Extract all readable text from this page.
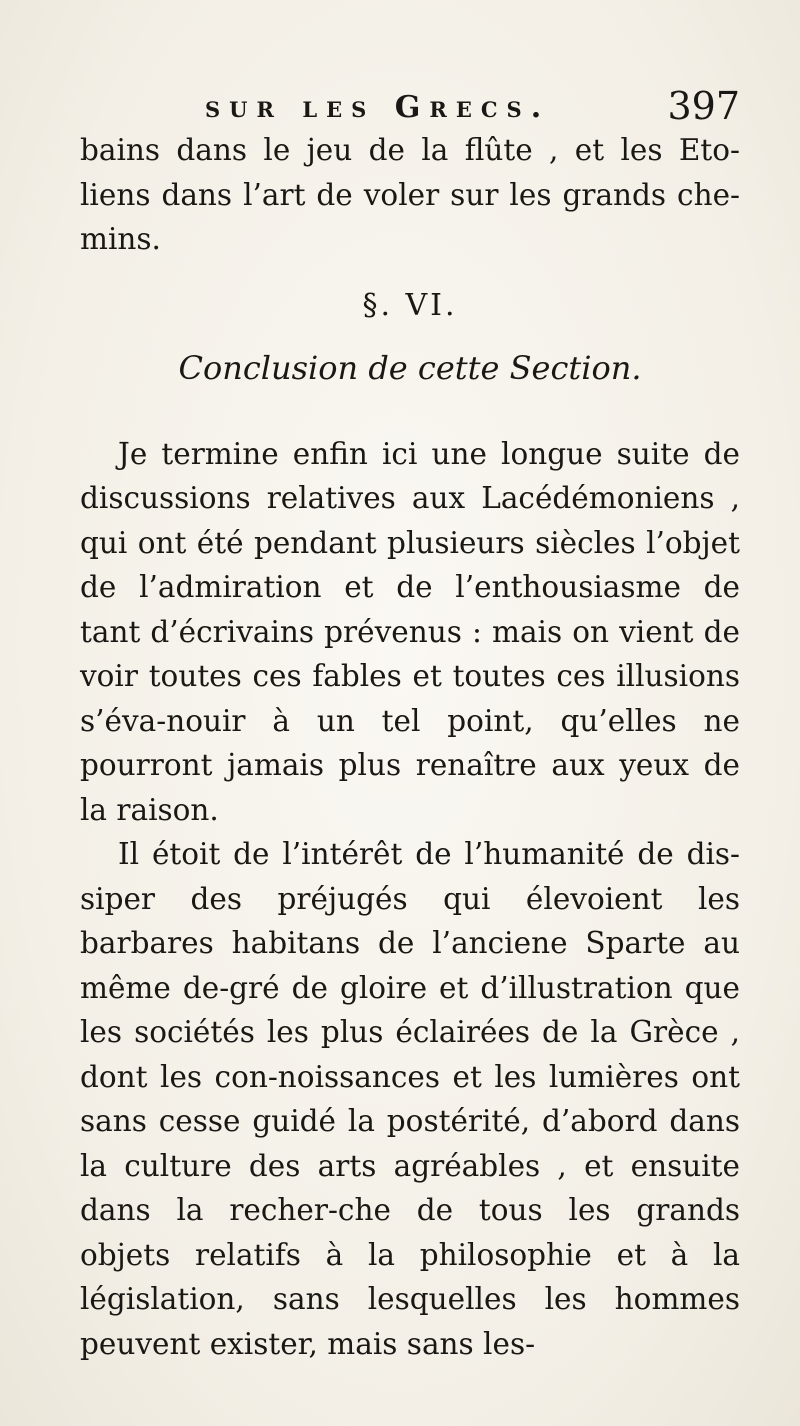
sur les Grecs.	397

bains dans le jeu de la flûte , et les Eto-liens dans l’art de voler sur les grands che-mins.

§. VI.
Conclusion de cette Section.

Je termine enfin ici une longue suite de discussions relatives aux Lacédémoniens , qui ont été pendant plusieurs siècles l’objet de l’admiration et de l’enthousiasme de tant d’écrivains prévenus : mais on vient de voir toutes ces fables et toutes ces illusions s’éva-nouir à un tel point, qu’elles ne pourront jamais plus renaître aux yeux de la raison.

Il étoit de l’intérêt de l’humanité de dis-siper des préjugés qui élevoient les barbares habitans de l’anciene Sparte au même de-gré de gloire et d’illustration que les sociétés les plus éclairées de la Grèce , dont les con-noissances et les lumières ont sans cesse guidé la postérité, d’abord dans la culture des arts agréables , et ensuite dans la recher-che de tous les grands objets relatifs à la philosophie et à la législation, sans lesquelles les hommes peuvent exister, mais sans les-
